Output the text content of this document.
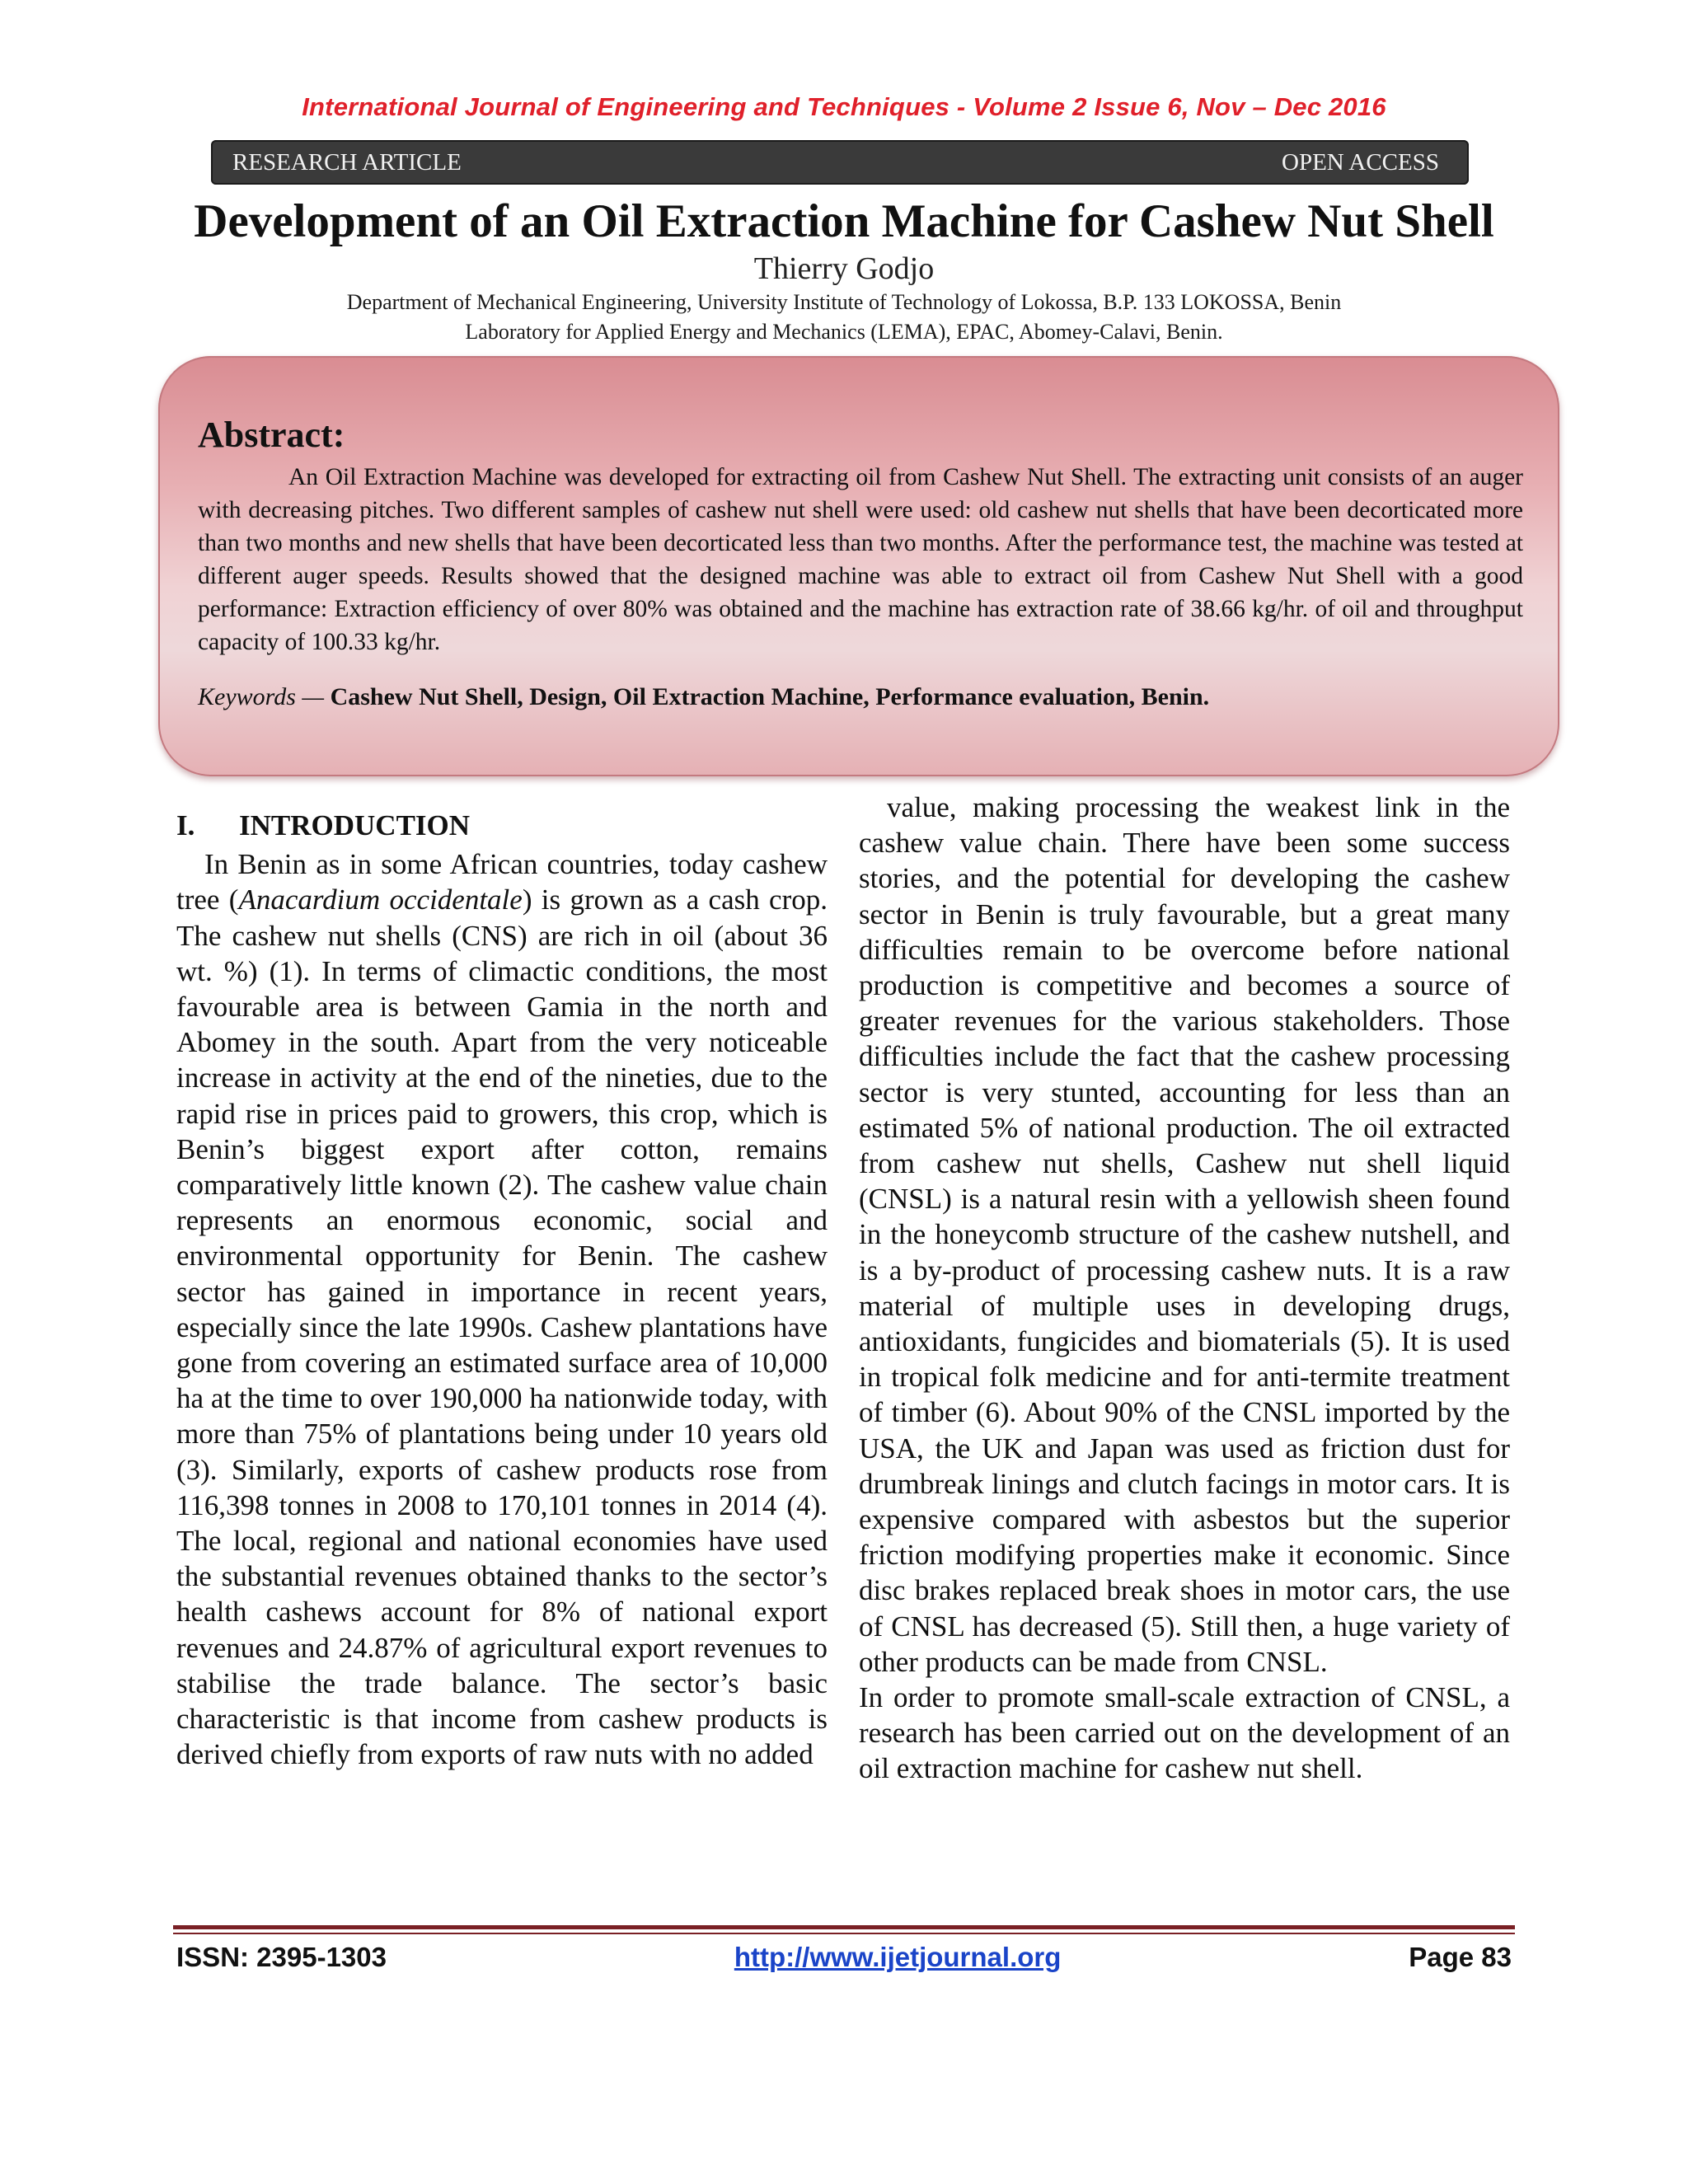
International Journal of Engineering and Techniques - Volume 2 Issue 6, Nov – Dec 2016
RESEARCH ARTICLE	OPEN ACCESS
Development of an Oil Extraction Machine for Cashew Nut Shell
Thierry Godjo
Department of Mechanical Engineering, University Institute of Technology of Lokossa, B.P. 133 LOKOSSA, Benin
Laboratory for Applied Energy and Mechanics (LEMA), EPAC, Abomey-Calavi, Benin.
Abstract:

An Oil Extraction Machine was developed for extracting oil from Cashew Nut Shell. The extracting unit consists of an auger with decreasing pitches. Two different samples of cashew nut shell were used: old cashew nut shells that have been decorticated more than two months and new shells that have been decorticated less than two months. After the performance test, the machine was tested at different auger speeds. Results showed that the designed machine was able to extract oil from Cashew Nut Shell with a good performance: Extraction efficiency of over 80% was obtained and the machine has extraction rate of 38.66 kg/hr. of oil and throughput capacity of 100.33 kg/hr.

Keywords — Cashew Nut Shell, Design, Oil Extraction Machine, Performance evaluation, Benin.
I. INTRODUCTION

In Benin as in some African countries, today cashew tree (Anacardium occidentale) is grown as a cash crop. The cashew nut shells (CNS) are rich in oil (about 36 wt. %) (1). In terms of climactic conditions, the most favourable area is between Gamia in the north and Abomey in the south. Apart from the very noticeable increase in activity at the end of the nineties, due to the rapid rise in prices paid to growers, this crop, which is Benin’s biggest export after cotton, remains comparatively little known (2). The cashew value chain represents an enormous economic, social and environmental opportunity for Benin. The cashew sector has gained in importance in recent years, especially since the late 1990s. Cashew plantations have gone from covering an estimated surface area of 10,000 ha at the time to over 190,000 ha nationwide today, with more than 75% of plantations being under 10 years old (3). Similarly, exports of cashew products rose from 116,398 tonnes in 2008 to 170,101 tonnes in 2014 (4). The local, regional and national economies have used the substantial revenues obtained thanks to the sector’s health cashews account for 8% of national export revenues and 24.87% of agricultural export revenues to stabilise the trade balance. The sector’s basic characteristic is that income from cashew products is derived chiefly from exports of raw nuts with no added

value, making processing the weakest link in the cashew value chain. There have been some success stories, and the potential for developing the cashew sector in Benin is truly favourable, but a great many difficulties remain to be overcome before national production is competitive and becomes a source of greater revenues for the various stakeholders. Those difficulties include the fact that the cashew processing sector is very stunted, accounting for less than an estimated 5% of national production. The oil extracted from cashew nut shells, Cashew nut shell liquid (CNSL) is a natural resin with a yellowish sheen found in the honeycomb structure of the cashew nutshell, and is a by-product of processing cashew nuts. It is a raw material of multiple uses in developing drugs, antioxidants, fungicides and biomaterials (5). It is used in tropical folk medicine and for anti-termite treatment of timber (6). About 90% of the CNSL imported by the USA, the UK and Japan was used as friction dust for drumbreak linings and clutch facings in motor cars. It is expensive compared with asbestos but the superior friction modifying properties make it economic. Since disc brakes replaced break shoes in motor cars, the use of CNSL has decreased (5). Still then, a huge variety of other products can be made from CNSL.

In order to promote small-scale extraction of CNSL, a research has been carried out on the development of an oil extraction machine for cashew nut shell.

ISSN: 2395-1303	http://www.ijetjournal.org	Page 83
